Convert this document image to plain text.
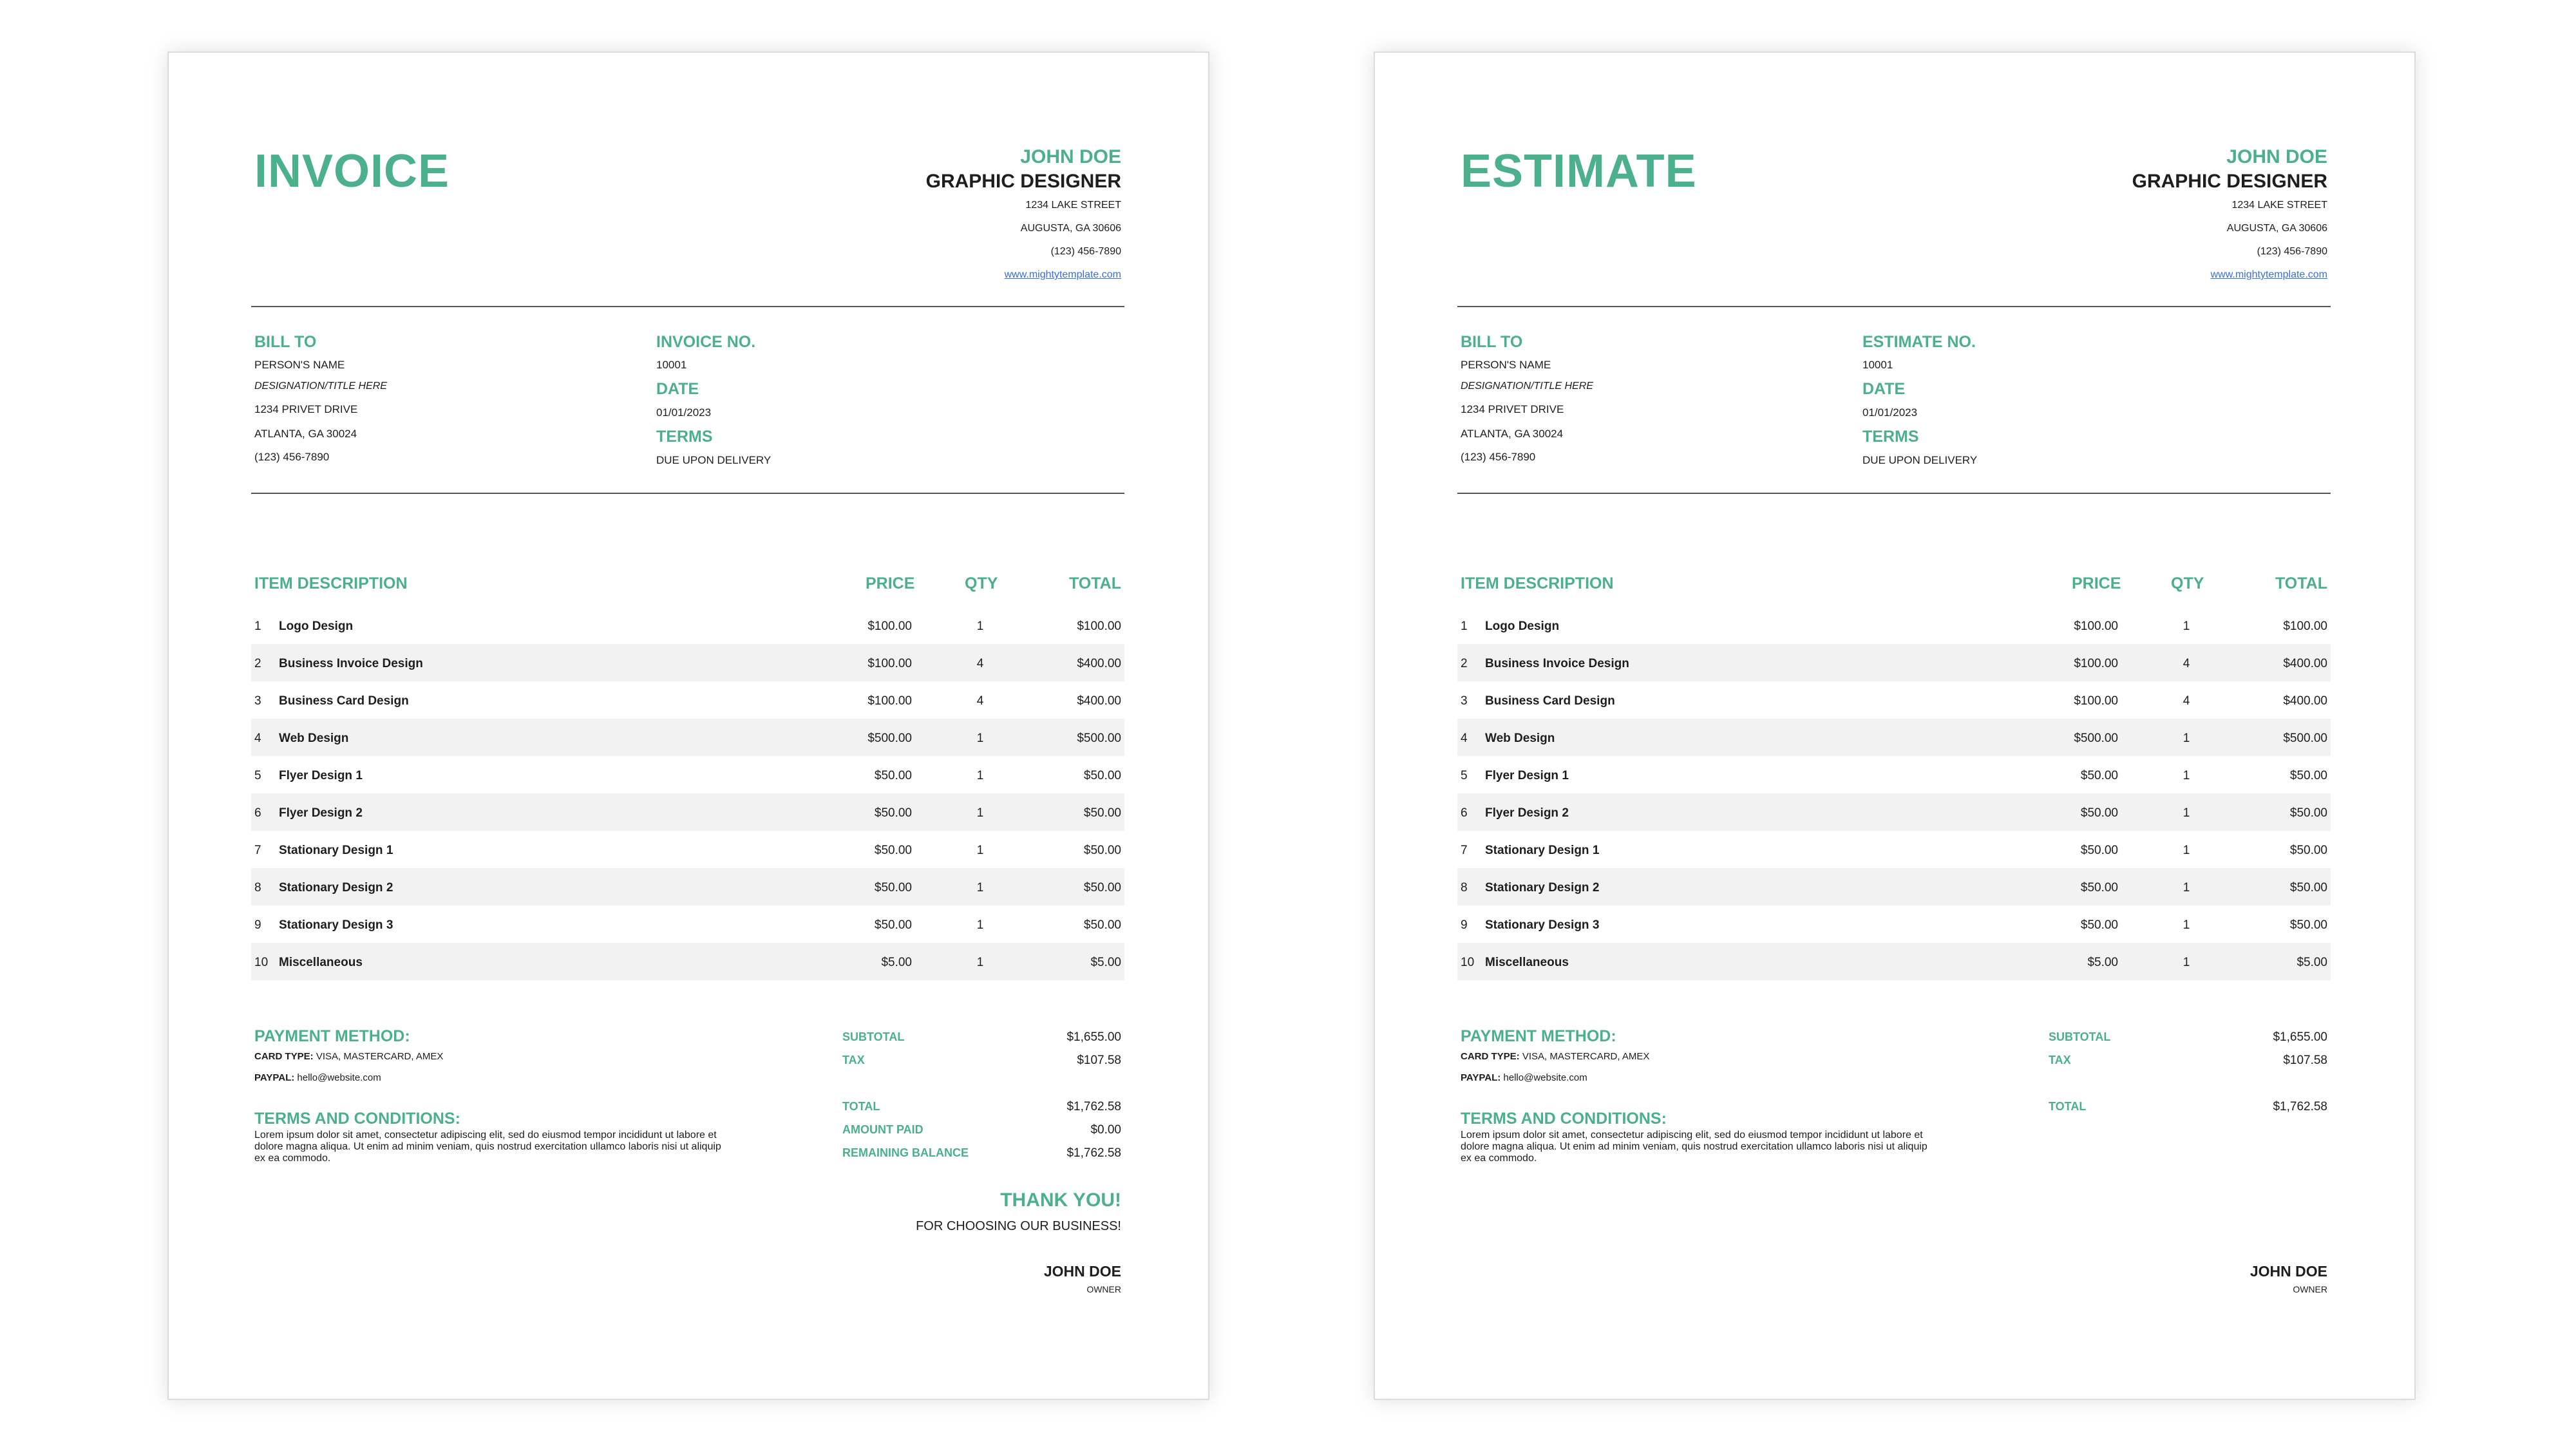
INVOICE	JOHN DOE
GRAPHIC DESIGNER
1234 LAKE STREET
AUGUSTA, GA 30606
(123) 456-7890
www.mightytemplate.com
BILL TO
PERSON'S NAME
DESIGNATION/TITLE HERE
1234 PRIVET DRIVE
ATLANTA, GA 30024
(123) 456-7890
INVOICE NO.
10001
DATE
01/01/2023
TERMS
DUE UPON DELIVERY
ITEM DESCRIPTION	PRICE	QTY	TOTAL
1 Logo Design	$100.00	1	$100.00
2 Business Invoice Design	$100.00	4	$400.00
3 Business Card Design	$100.00	4	$400.00
4 Web Design	$500.00	1	$500.00
5 Flyer Design 1	$50.00	1	$50.00
6 Flyer Design 2	$50.00	1	$50.00
7 Stationary Design 1	$50.00	1	$50.00
8 Stationary Design 2	$50.00	1	$50.00
9 Stationary Design 3	$50.00	1	$50.00
10 Miscellaneous	$5.00	1	$5.00
PAYMENT METHOD:
CARD TYPE: VISA, MASTERCARD, AMEX
PAYPAL: hello@website.com
TERMS AND CONDITIONS:
Lorem ipsum dolor sit amet, consectetur adipiscing elit, sed do eiusmod tempor incididunt ut labore et dolore magna aliqua. Ut enim ad minim veniam, quis nostrud exercitation ullamco laboris nisi ut aliquip ex ea commodo.
SUBTOTAL	$1,655.00
TAX	$107.58
TOTAL	$1,762.58
AMOUNT PAID	$0.00
REMAINING BALANCE	$1,762.58
THANK YOU!
FOR CHOOSING OUR BUSINESS!
JOHN DOE
OWNER
ESTIMATE	JOHN DOE
GRAPHIC DESIGNER
1234 LAKE STREET
AUGUSTA, GA 30606
(123) 456-7890
www.mightytemplate.com
BILL TO
PERSON'S NAME
DESIGNATION/TITLE HERE
1234 PRIVET DRIVE
ATLANTA, GA 30024
(123) 456-7890
ESTIMATE NO.
10001
DATE
01/01/2023
TERMS
DUE UPON DELIVERY
ITEM DESCRIPTION	PRICE	QTY	TOTAL
1 Logo Design	$100.00	1	$100.00
2 Business Invoice Design	$100.00	4	$400.00
3 Business Card Design	$100.00	4	$400.00
4 Web Design	$500.00	1	$500.00
5 Flyer Design 1	$50.00	1	$50.00
6 Flyer Design 2	$50.00	1	$50.00
7 Stationary Design 1	$50.00	1	$50.00
8 Stationary Design 2	$50.00	1	$50.00
9 Stationary Design 3	$50.00	1	$50.00
10 Miscellaneous	$5.00	1	$5.00
PAYMENT METHOD:
CARD TYPE: VISA, MASTERCARD, AMEX
PAYPAL: hello@website.com
TERMS AND CONDITIONS:
Lorem ipsum dolor sit amet, consectetur adipiscing elit, sed do eiusmod tempor incididunt ut labore et dolore magna aliqua. Ut enim ad minim veniam, quis nostrud exercitation ullamco laboris nisi ut aliquip ex ea commodo.
SUBTOTAL	$1,655.00
TAX	$107.58
TOTAL	$1,762.58
JOHN DOE
OWNER
